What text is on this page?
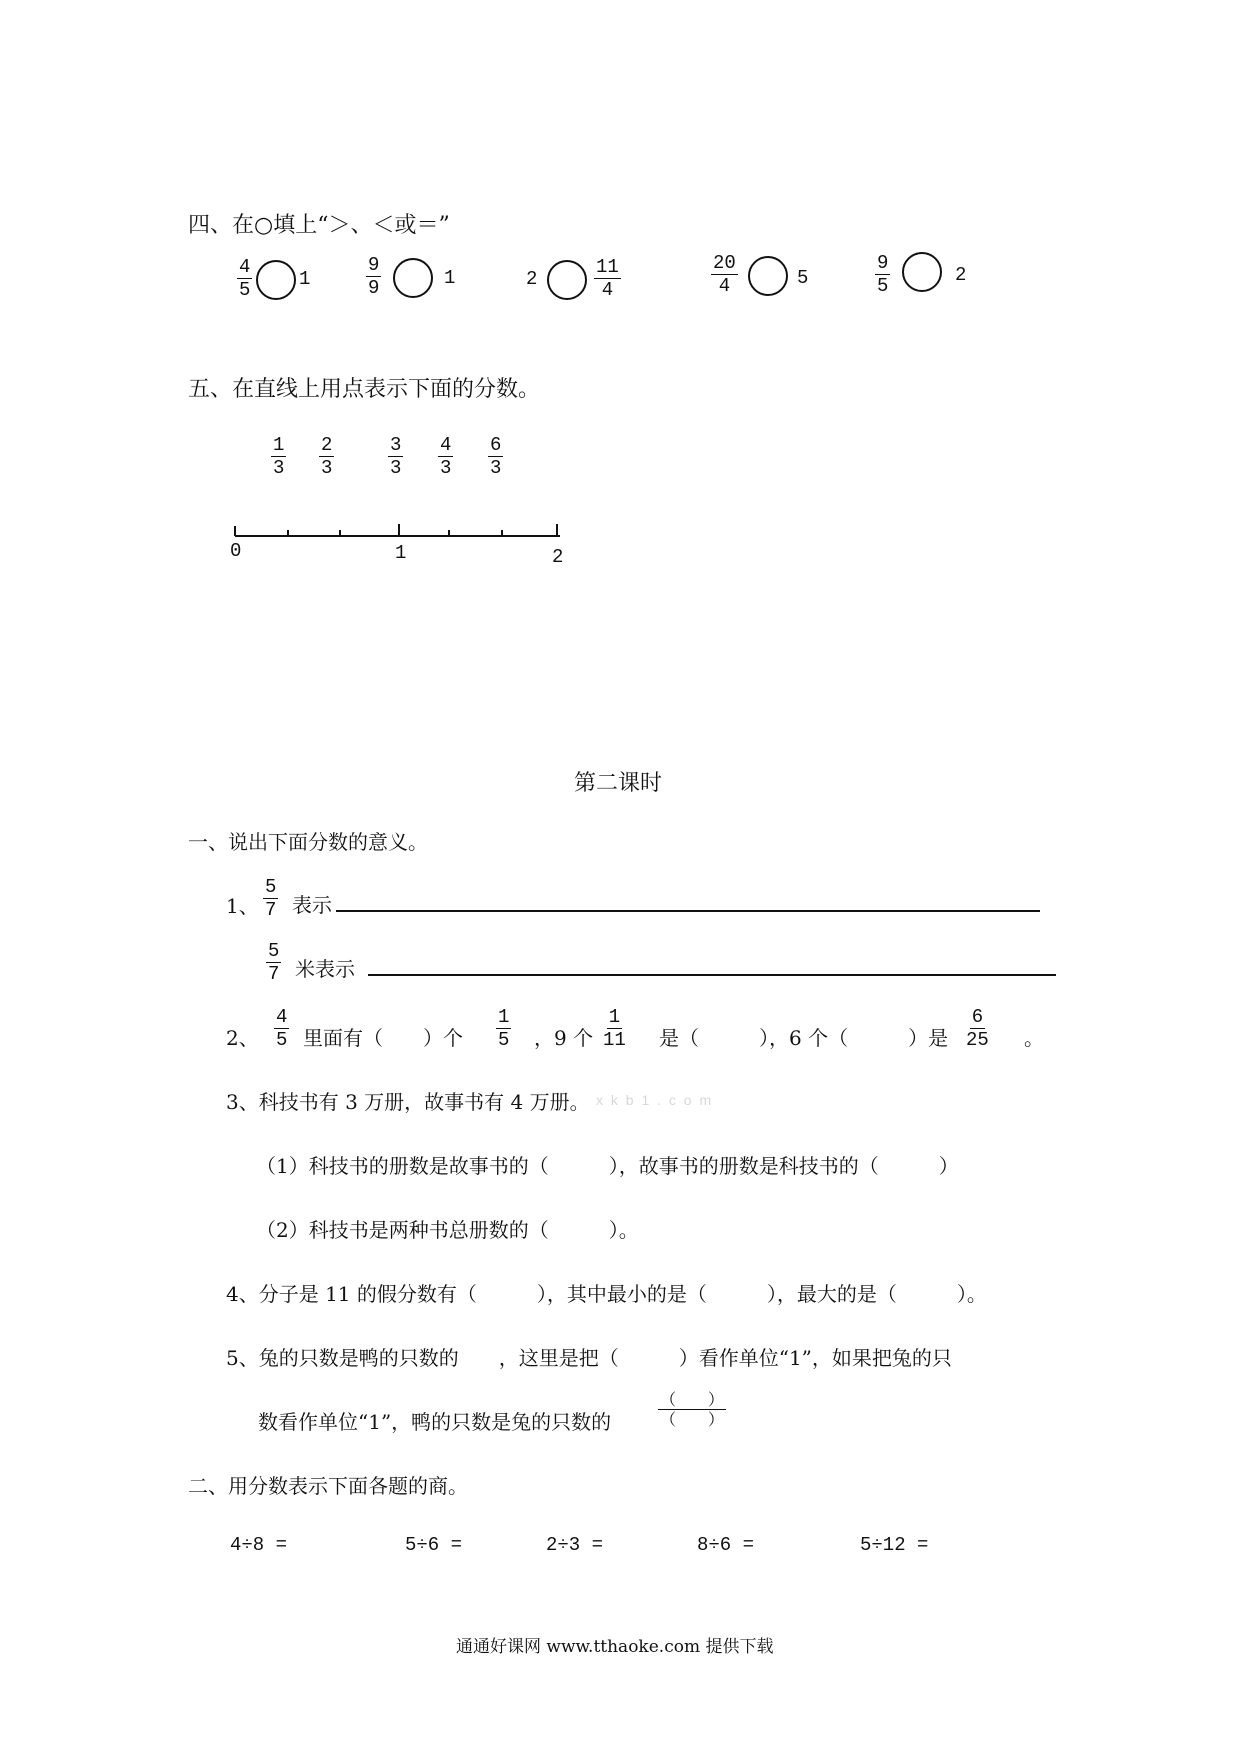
四、在○填上“＞、＜或＝”
$\frac{4}{5} 1$	$\frac{9}{9}$	1	2	$\frac{11}{4}$	$\frac{20}{4}$	5	$\frac{9}{5}$	2
五、在直线上用点表示下面的分数。
$\frac{1}{3} \frac{2}{3}$	$\frac{3}{3} \frac{4}{3} \frac{6}{3}$
0	1	2
第二课时
一、说出下面分数的意义。
1、 $\frac{5}{7}$ 表示
$\frac{5}{7}$ 米表示
2、 $\frac{4}{5}$ 里面有（　　）个 $\frac{1}{5}$ ，9 个 $\frac{1}{11}$ 是（　　　），6 个（　　　）是 $\frac{6}{25}$ 。
3、科技书有 3 万册，故事书有 4 万册。 x k b 1 . c o m
（1）科技书的册数是故事书的（　　　），故事书的册数是科技书的（　　　）
（2）科技书是两种书总册数的（　　　）。
4、分子是 11 的假分数有（　　　），其中最小的是（　　　），最大的是（　　　）。
5、兔的只数是鸭的只数的　　，这里是把（　　　）看作单位“1”，如果把兔的只
数看作单位“1”，鸭的只数是兔的只数的
（　　）
（　　）
二、用分数表示下面各题的商。
4÷8 =	5÷6 =	2÷3 =	8÷6 =	5÷12 =
通通好课网 www.tthaoke.com 提供下载
